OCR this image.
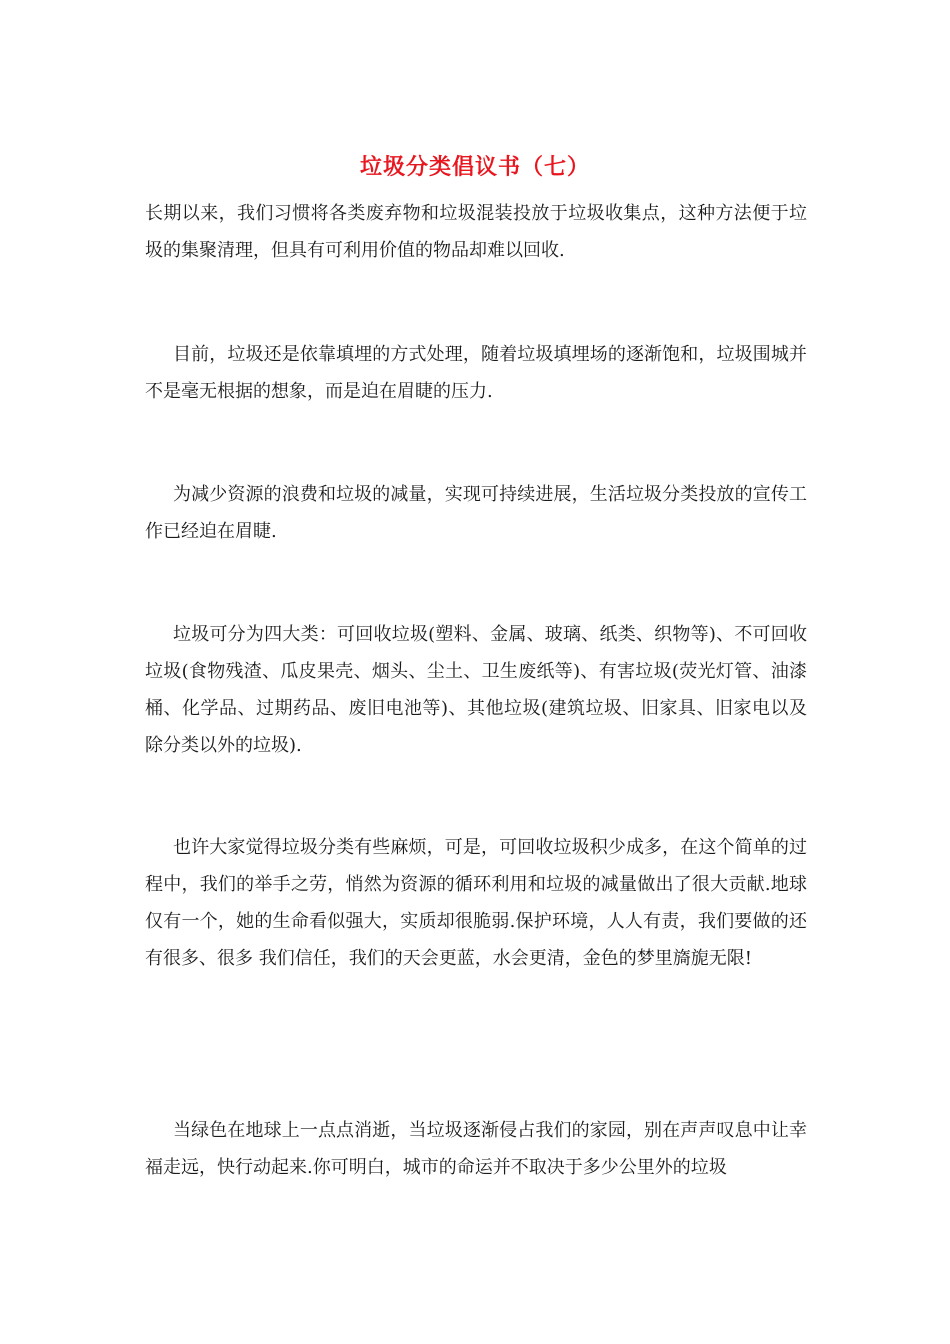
垃圾分类倡议书（七）

长期以来，我们习惯将各类废弃物和垃圾混装投放于垃圾收集点，这种方法便于垃圾的集聚清理，但具有可利用价值的物品却难以回收.

目前，垃圾还是依靠填埋的方式处理，随着垃圾填埋场的逐渐饱和，垃圾围城并不是毫无根据的想象，而是迫在眉睫的压力.

为减少资源的浪费和垃圾的减量，实现可持续进展，生活垃圾分类投放的宣传工作已经迫在眉睫.

垃圾可分为四大类：可回收垃圾(塑料、金属、玻璃、纸类、织物等)、不可回收垃圾(食物残渣、瓜皮果壳、烟头、尘土、卫生废纸等)、有害垃圾(荧光灯管、油漆桶、化学品、过期药品、废旧电池等)、其他垃圾(建筑垃圾、旧家具、旧家电以及除分类以外的垃圾).

也许大家觉得垃圾分类有些麻烦，可是，可回收垃圾积少成多，在这个简单的过程中，我们的举手之劳，悄然为资源的循环利用和垃圾的减量做出了很大贡献.地球仅有一个，她的生命看似强大，实质却很脆弱.保护环境，人人有责，我们要做的还有很多、很多 我们信任，我们的天会更蓝，水会更清，金色的梦里旖旎无限!

当绿色在地球上一点点消逝，当垃圾逐渐侵占我们的家园，别在声声叹息中让幸福走远，快行动起来.你可明白，城市的命运并不取决于多少公里外的垃圾
